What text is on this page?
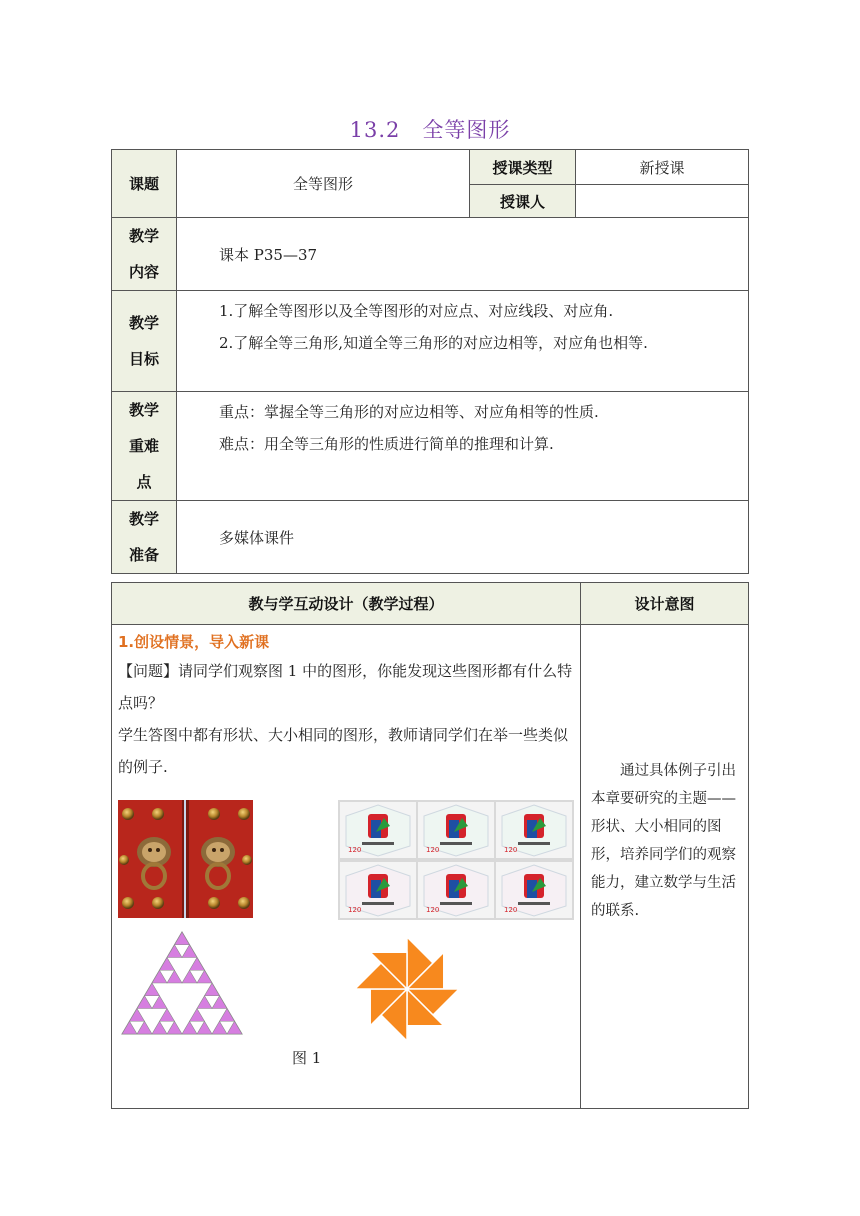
13.2　全等图形
课题	全等图形	授课类型	新授课
		授课人	

教学内容	课本 P35—37		

教学目标	1.了解全等图形以及全等图形的对应点、对应线段、对应角.

2.了解全等三角形,知道全等三角形的对应边相等，对应角也相等.		

教学重难点	重点：掌握全等三角形的对应边相等、对应角相等的性质.

难点：用全等三角形的性质进行简单的推理和计算.		

教学准备	多媒体课件		
教与学互动设计（教学过程）	设计意图

1.创设情景，导入新课

【问题】请同学们观察图 1 中的图形，你能发现这些图形都有什么特点吗？

学生答图中都有形状、大小相同的图形，教师请同学们在举一些类似的例子.	通过具体例子引出本章要研究的主题——形状、大小相同的图形，培养同学们的观察能力，建立数学与生活的联系.
120	120	120
120	120	120
图 1
